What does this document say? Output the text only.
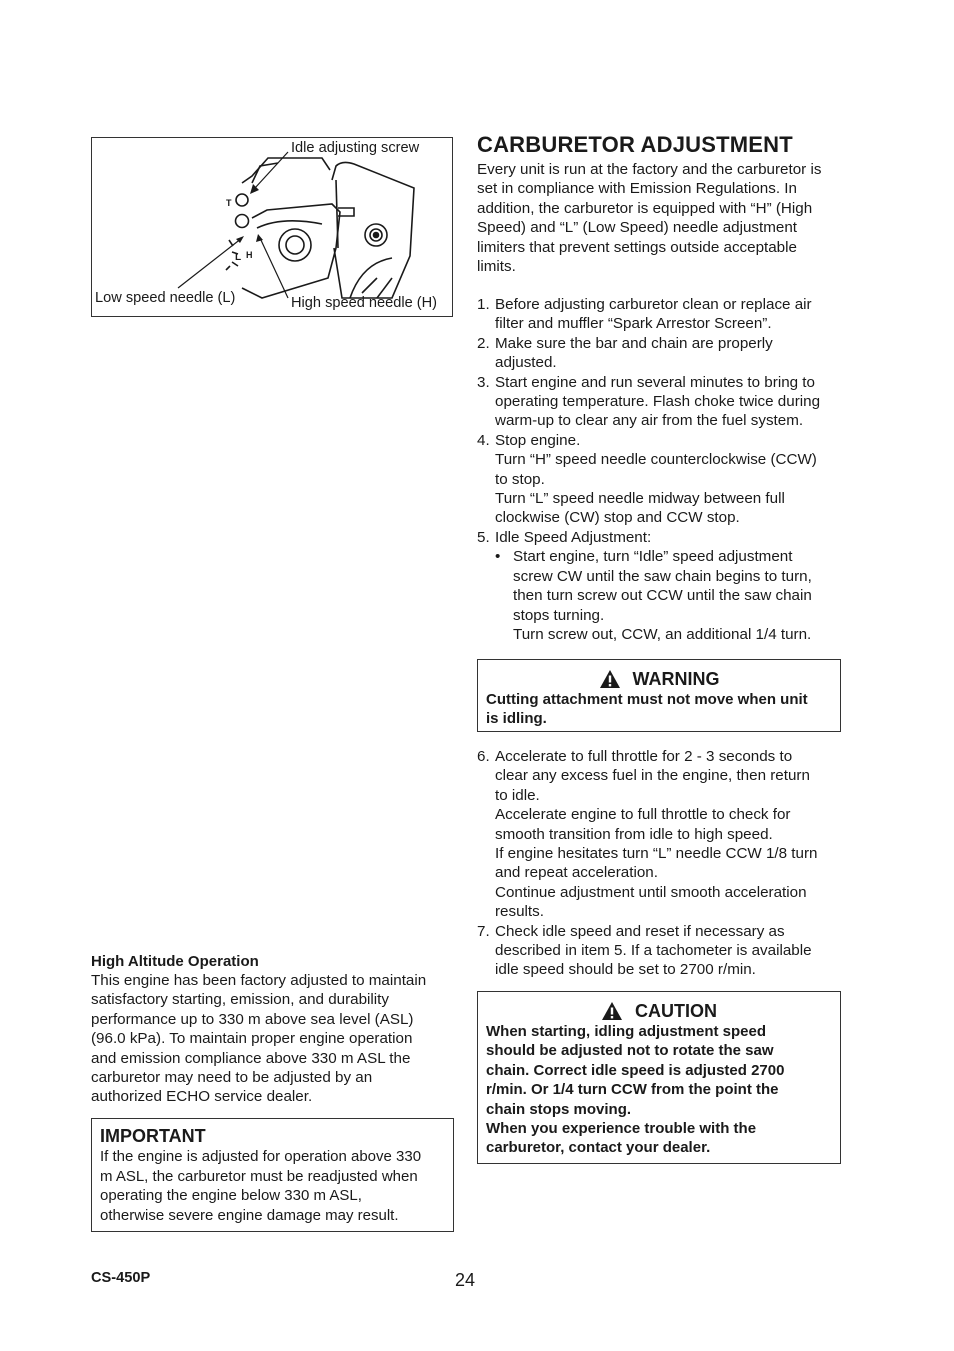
Idle adjusting screw
Low speed needle (L)	High speed needle (H)
T
L H
High Altitude Operation
This engine has been factory adjusted to maintain
satisfactory starting, emission, and durability
performance up to 330 m above sea level (ASL)
(96.0 kPa). To maintain proper engine operation
and emission compliance above 330 m ASL the
carburetor may need to be adjusted by an
authorized ECHO service dealer.
IMPORTANT

If the engine is adjusted for operation above 330

m ASL, the carburetor must be readjusted when

operating the engine below 330 m ASL,

otherwise severe engine damage may result.

CARBURETOR ADJUSTMENT
Every unit is run at the factory and the carburetor is
set in compliance with Emission Regulations. In
addition, the carburetor is equipped with “H” (High
Speed) and “L” (Low Speed) needle adjustment
limiters that prevent settings outside acceptable
limits.
1. Before adjusting carburetor clean or replace air
filter and muffler “Spark Arrestor Screen”.
2. Make sure the bar and chain are properly
adjusted.
3. Start engine and run several minutes to bring to
operating temperature. Flash choke twice during
warm-up to clear any air from the fuel system.
4. Stop engine.
Turn “H” speed needle counterclockwise (CCW)
to stop.
Turn “L” speed needle midway between full
clockwise (CW) stop and CCW stop.
5. Idle Speed Adjustment:
• Start engine, turn “Idle” speed adjustment
screw CW until the saw chain begins to turn,
then turn screw out CCW until the saw chain
stops turning.
Turn screw out, CCW, an additional 1/4 turn.
WARNING

Cutting attachment must not move when unit

is idling.

6. Accelerate to full throttle for 2 - 3 seconds to
clear any excess fuel in the engine, then return
to idle.
Accelerate engine to full throttle to check for
smooth transition from idle to high speed.
If engine hesitates turn “L” needle CCW 1/8 turn
and repeat acceleration.
Continue adjustment until smooth acceleration
results.
7. Check idle speed and reset if necessary as
described in item 5. If a tachometer is available
idle speed should be set to 2700 r/min.
CAUTION

When starting, idling adjustment speed

should be adjusted not to rotate the saw

chain. Correct idle speed is adjusted 2700

r/min. Or 1/4 turn CCW from the point the

chain stops moving.

When you experience trouble with the

carburetor, contact your dealer.

CS-450P	24
